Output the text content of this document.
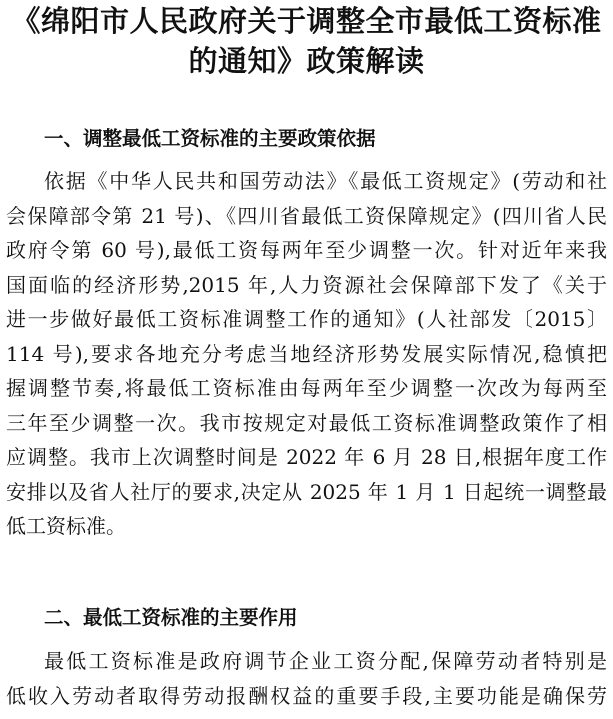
《绵阳市人民政府关于调整全市最低工资标准
的通知》政策解读
一、调整最低工资标准的主要政策依据
依据《中华人民共和国劳动法》《最低工资规定》(劳动和社
会保障部令第 21 号)、《四川省最低工资保障规定》(四川省人民
政府令第 60 号),最低工资每两年至少调整一次。针对近年来我
国面临的经济形势,2015 年,人力资源社会保障部下发了《关于
进一步做好最低工资标准调整工作的通知》(人社部发〔2015〕
114 号),要求各地充分考虑当地经济形势发展实际情况,稳慎把
握调整节奏,将最低工资标准由每两年至少调整一次改为每两至
三年至少调整一次。我市按规定对最低工资标准调整政策作了相
应调整。我市上次调整时间是 2022 年 6 月 28 日,根据年度工作
安排以及省人社厅的要求,决定从 2025 年 1 月 1 日起统一调整最
低工资标准。
二、最低工资标准的主要作用
最低工资标准是政府调节企业工资分配,保障劳动者特别是
低收入劳动者取得劳动报酬权益的重要手段,主要功能是确保劳
